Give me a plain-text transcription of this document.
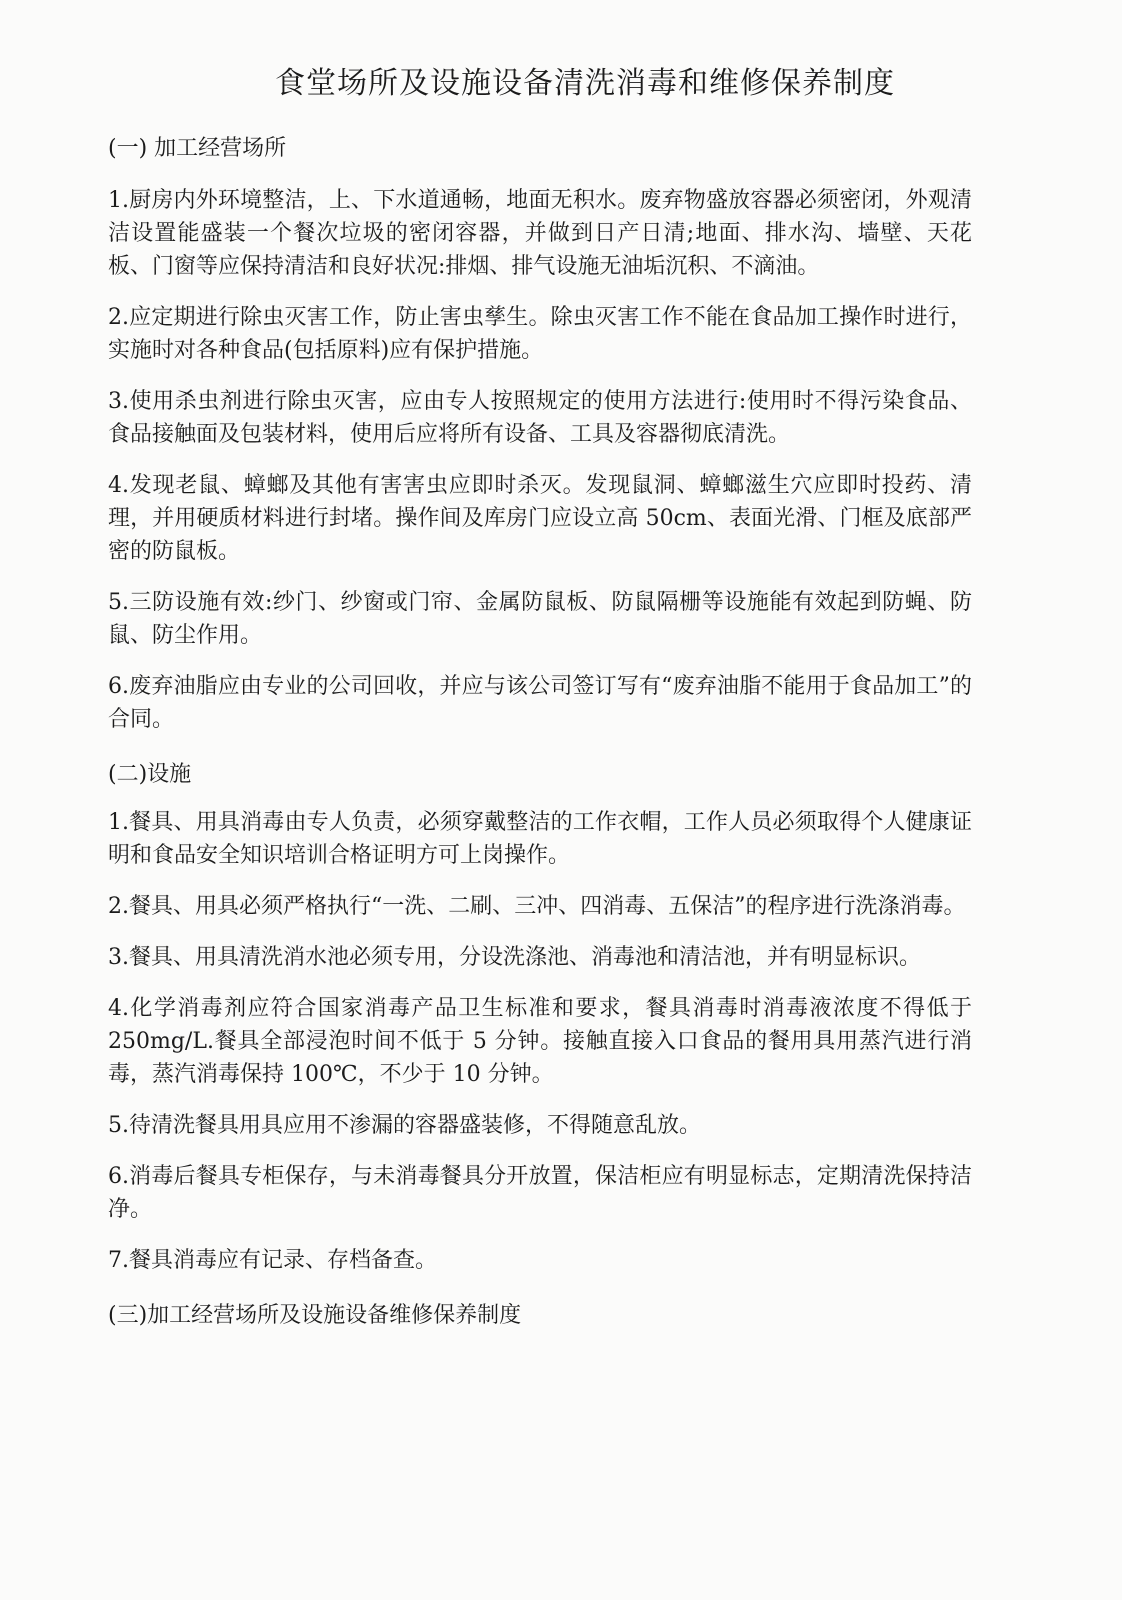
食堂场所及设施设备清洗消毒和维修保养制度
(一) 加工经营场所
1.厨房内外环境整洁，上、下水道通畅，地面无积水。废弃物盛放容器必须密闭，外观清洁设置能盛装一个餐次垃圾的密闭容器，并做到日产日清;地面、排水沟、墙壁、天花板、门窗等应保持清洁和良好状况:排烟、排气设施无油垢沉积、不滴油。
2.应定期进行除虫灭害工作，防止害虫孳生。除虫灭害工作不能在食品加工操作时进行，实施时对各种食品(包括原料)应有保护措施。
3.使用杀虫剂进行除虫灭害，应由专人按照规定的使用方法进行:使用时不得污染食品、食品接触面及包装材料，使用后应将所有设备、工具及容器彻底清洗。
4.发现老鼠、蟑螂及其他有害害虫应即时杀灭。发现鼠洞、蟑螂滋生穴应即时投药、清理，并用硬质材料进行封堵。操作间及库房门应设立高 50cm、表面光滑、门框及底部严密的防鼠板。
5.三防设施有效:纱门、纱窗或门帘、金属防鼠板、防鼠隔栅等设施能有效起到防蝇、防鼠、防尘作用。
6.废弃油脂应由专业的公司回收，并应与该公司签订写有“废弃油脂不能用于食品加工”的合同。
(二)设施
1.餐具、用具消毒由专人负责，必须穿戴整洁的工作衣帽，工作人员必须取得个人健康证明和食品安全知识培训合格证明方可上岗操作。
2.餐具、用具必须严格执行“一洗、二刷、三冲、四消毒、五保洁”的程序进行洗涤消毒。
3.餐具、用具清洗消水池必须专用，分设洗涤池、消毒池和清洁池，并有明显标识。
4.化学消毒剂应符合国家消毒产品卫生标准和要求，餐具消毒时消毒液浓度不得低于 250mg/L.餐具全部浸泡时间不低于 5 分钟。接触直接入口食品的餐用具用蒸汽进行消毒，蒸汽消毒保持 100℃，不少于 10 分钟。
5.待清洗餐具用具应用不渗漏的容器盛装修，不得随意乱放。
6.消毒后餐具专柜保存，与未消毒餐具分开放置，保洁柜应有明显标志，定期清洗保持洁净。
7.餐具消毒应有记录、存档备查。
(三)加工经营场所及设施设备维修保养制度
